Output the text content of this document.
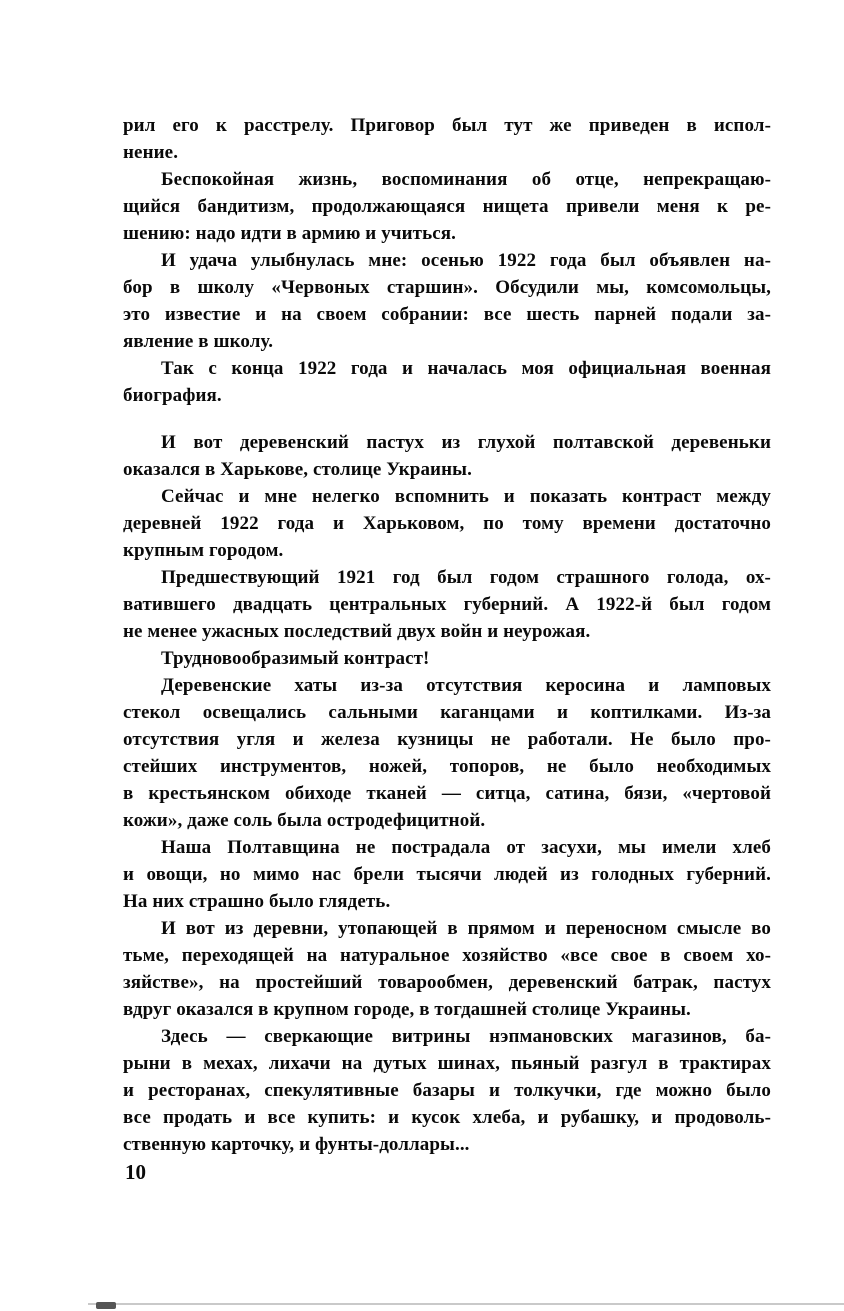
рил его к расстрелу. Приговор был тут же приведен в испол-
нение.
Беспокойная жизнь, воспоминания об отце, непрекращаю-
щийся бандитизм, продолжающаяся нищета привели меня к ре-
шению: надо идти в армию и учиться.
И удача улыбнулась мне: осенью 1922 года был объявлен на-
бор в школу «Червоных старшин». Обсудили мы, комсомольцы,
это известие и на своем собрании: все шесть парней подали за-
явление в школу.
Так с конца 1922 года и началась моя официальная военная
биография.
И вот деревенский пастух из глухой полтавской деревеньки
оказался в Харькове, столице Украины.
Сейчас и мне нелегко вспомнить и показать контраст между
деревней 1922 года и Харьковом, по тому времени достаточно
крупным городом.
Предшествующий 1921 год был годом страшного голода, ох-
ватившего двадцать центральных губерний. А 1922-й был годом
не менее ужасных последствий двух войн и неурожая.
Трудновообразимый контраст!
Деревенские хаты из-за отсутствия керосина и ламповых
стекол освещались сальными каганцами и коптилками. Из-за
отсутствия угля и железа кузницы не работали. Не было про-
стейших инструментов, ножей, топоров, не было необходимых
в крестьянском обиходе тканей — ситца, сатина, бязи, «чертовой
кожи», даже соль была остродефицитной.
Наша Полтавщина не пострадала от засухи, мы имели хлеб
и овощи, но мимо нас брели тысячи людей из голодных губерний.
На них страшно было глядеть.
И вот из деревни, утопающей в прямом и переносном смысле во
тьме, переходящей на натуральное хозяйство «все свое в своем хо-
зяйстве», на простейший товарообмен, деревенский батрак, пастух
вдруг оказался в крупном городе, в тогдашней столице Украины.
Здесь — сверкающие витрины нэпмановских магазинов, ба-
рыни в мехах, лихачи на дутых шинах, пьяный разгул в трактирах
и ресторанах, спекулятивные базары и толкучки, где можно было
все продать и все купить: и кусок хлеба, и рубашку, и продоволь-
ственную карточку, и фунты-доллары...
10
